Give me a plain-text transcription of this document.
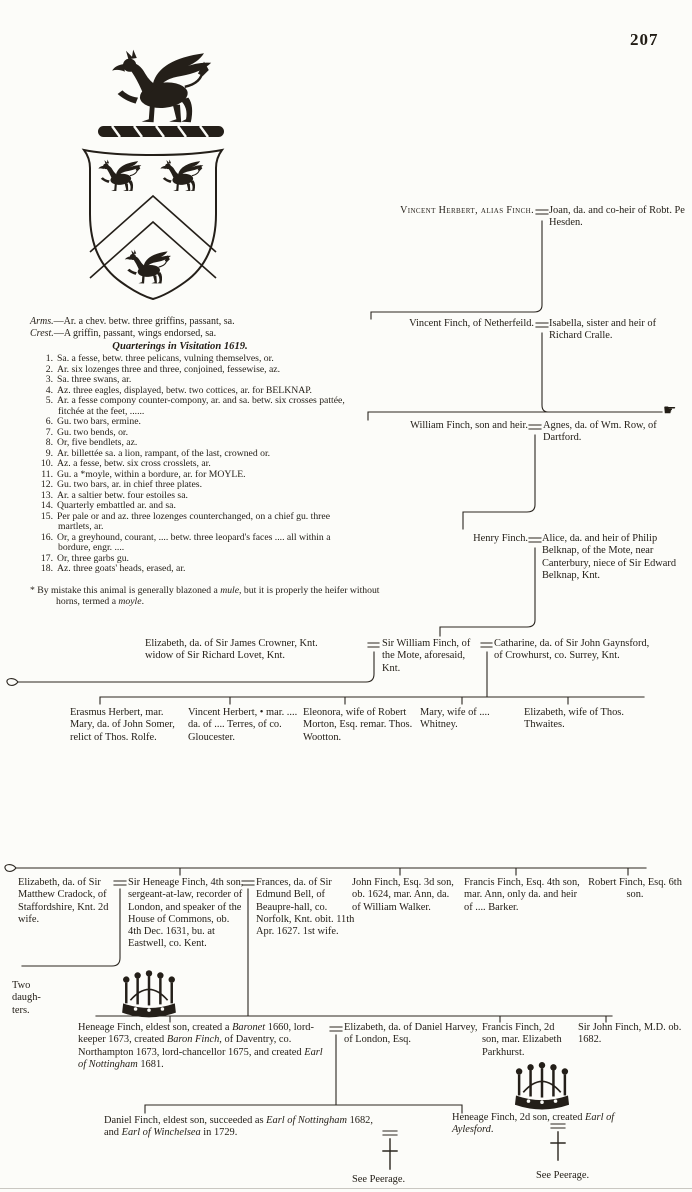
207
Arms.—Ar. a chev. betw. three griffins, passant, sa.
Crest.—A griffin, passant, wings endorsed, sa.
Quarterings in Visitation 1619.
1. Sa. a fesse, betw. three pelicans, vulning themselves, or.
2. Ar. six lozenges three and three, conjoined, fessewise, az.
3. Sa. three swans, ar.
4. Az. three eagles, displayed, betw. two cottices, ar. for BELKNAP.
5. Ar. a fesse compony counter-compony, ar. and sa. betw. six crosses pattée, fitchée at the feet, ......
6. Gu. two bars, ermine.
7. Gu. two bends, or.
8. Or, five bendlets, az.
9. Ar. billettée sa. a lion, rampant, of the last, crowned or.
10. Az. a fesse, betw. six cross crosslets, ar.
11. Gu. a *moyle, within a bordure, ar. for MOYLE.
12. Gu. two bars, ar. in chief three plates.
13. Ar. a saltier betw. four estoiles sa.
14. Quarterly embattled ar. and sa.
15. Per pale or and az. three lozenges counterchanged, on a chief gu. three martlets, ar.
16. Or, a greyhound, courant, .... betw. three leopard's faces .... all within a bordure, engr. ....
17. Or, three garbs gu.
18. Az. three goats' heads, erased, ar.
* By mistake this animal is generally blazoned a mule, but it is properly the heifer without horns, termed a moyle.
☛
Vincent Herbert, alias Finch. Joan, da. and co-heir of Robt. Pe Hesden.
Vincent Finch, of Netherfeild. Isabella, sister and heir of Richard Cralle.
William Finch, son and heir. Agnes, da. of Wm. Row, of Dartford.
Henry Finch. Alice, da. and heir of Philip Belknap, of the Mote, near Canterbury, niece of Sir Edward Belknap, Knt.
Elizabeth, da. of Sir James Crowner, Knt.
widow of Sir Richard Lovet, Knt.
Sir William Finch, of the Mote, aforesaid, Knt.
Catharine, da. of Sir John Gaynsford, of Crowhurst, co. Surrey, Knt.
Erasmus Herbert, mar. Mary, da. of John Somer, relict of Thos. Rolfe.
Vincent Herbert, • mar. .... da. of .... Terres, of co. Gloucester.
Eleonora, wife of Robert Morton, Esq. remar. Thos. Wootton.
Mary, wife of .... Whitney.
Elizabeth, wife of Thos. Thwaites.
Elizabeth, da. of Sir Matthew Cradock, of Staffordshire, Knt. 2d wife.
Sir Heneage Finch, 4th son, sergeant-at-law, recorder of London, and speaker of the House of Commons, ob. 4th Dec. 1631, bu. at Eastwell, co. Kent.
Frances, da. of Sir Edmund Bell, of Beaupre-hall, co. Norfolk, Knt. obit. 11th Apr. 1627. 1st wife.
John Finch, Esq. 3d son, ob. 1624, mar. Ann, da. of William Walker.
Francis Finch, Esq. 4th son, mar. Ann, only da. and heir of .... Barker.
Robert Finch, Esq. 6th son.
Two
daugh-
ters.
Heneage Finch, eldest son, created a Baronet 1660, lord-keeper 1673, created Baron Finch, of Daventry, co. Northampton 1673, lord-chancellor 1675, and created Earl of Nottingham 1681.
Elizabeth, da. of Daniel Harvey, of London, Esq.
Francis Finch, 2d son, mar. Elizabeth Parkhurst.
Sir John Finch, M.D. ob. 1682.
Daniel Finch, eldest son, succeeded as Earl of Nottingham 1682, and Earl of Winchelsea in 1729.
Heneage Finch, 2d son, created Earl of Aylesford.
See Peerage.	See Peerage.
